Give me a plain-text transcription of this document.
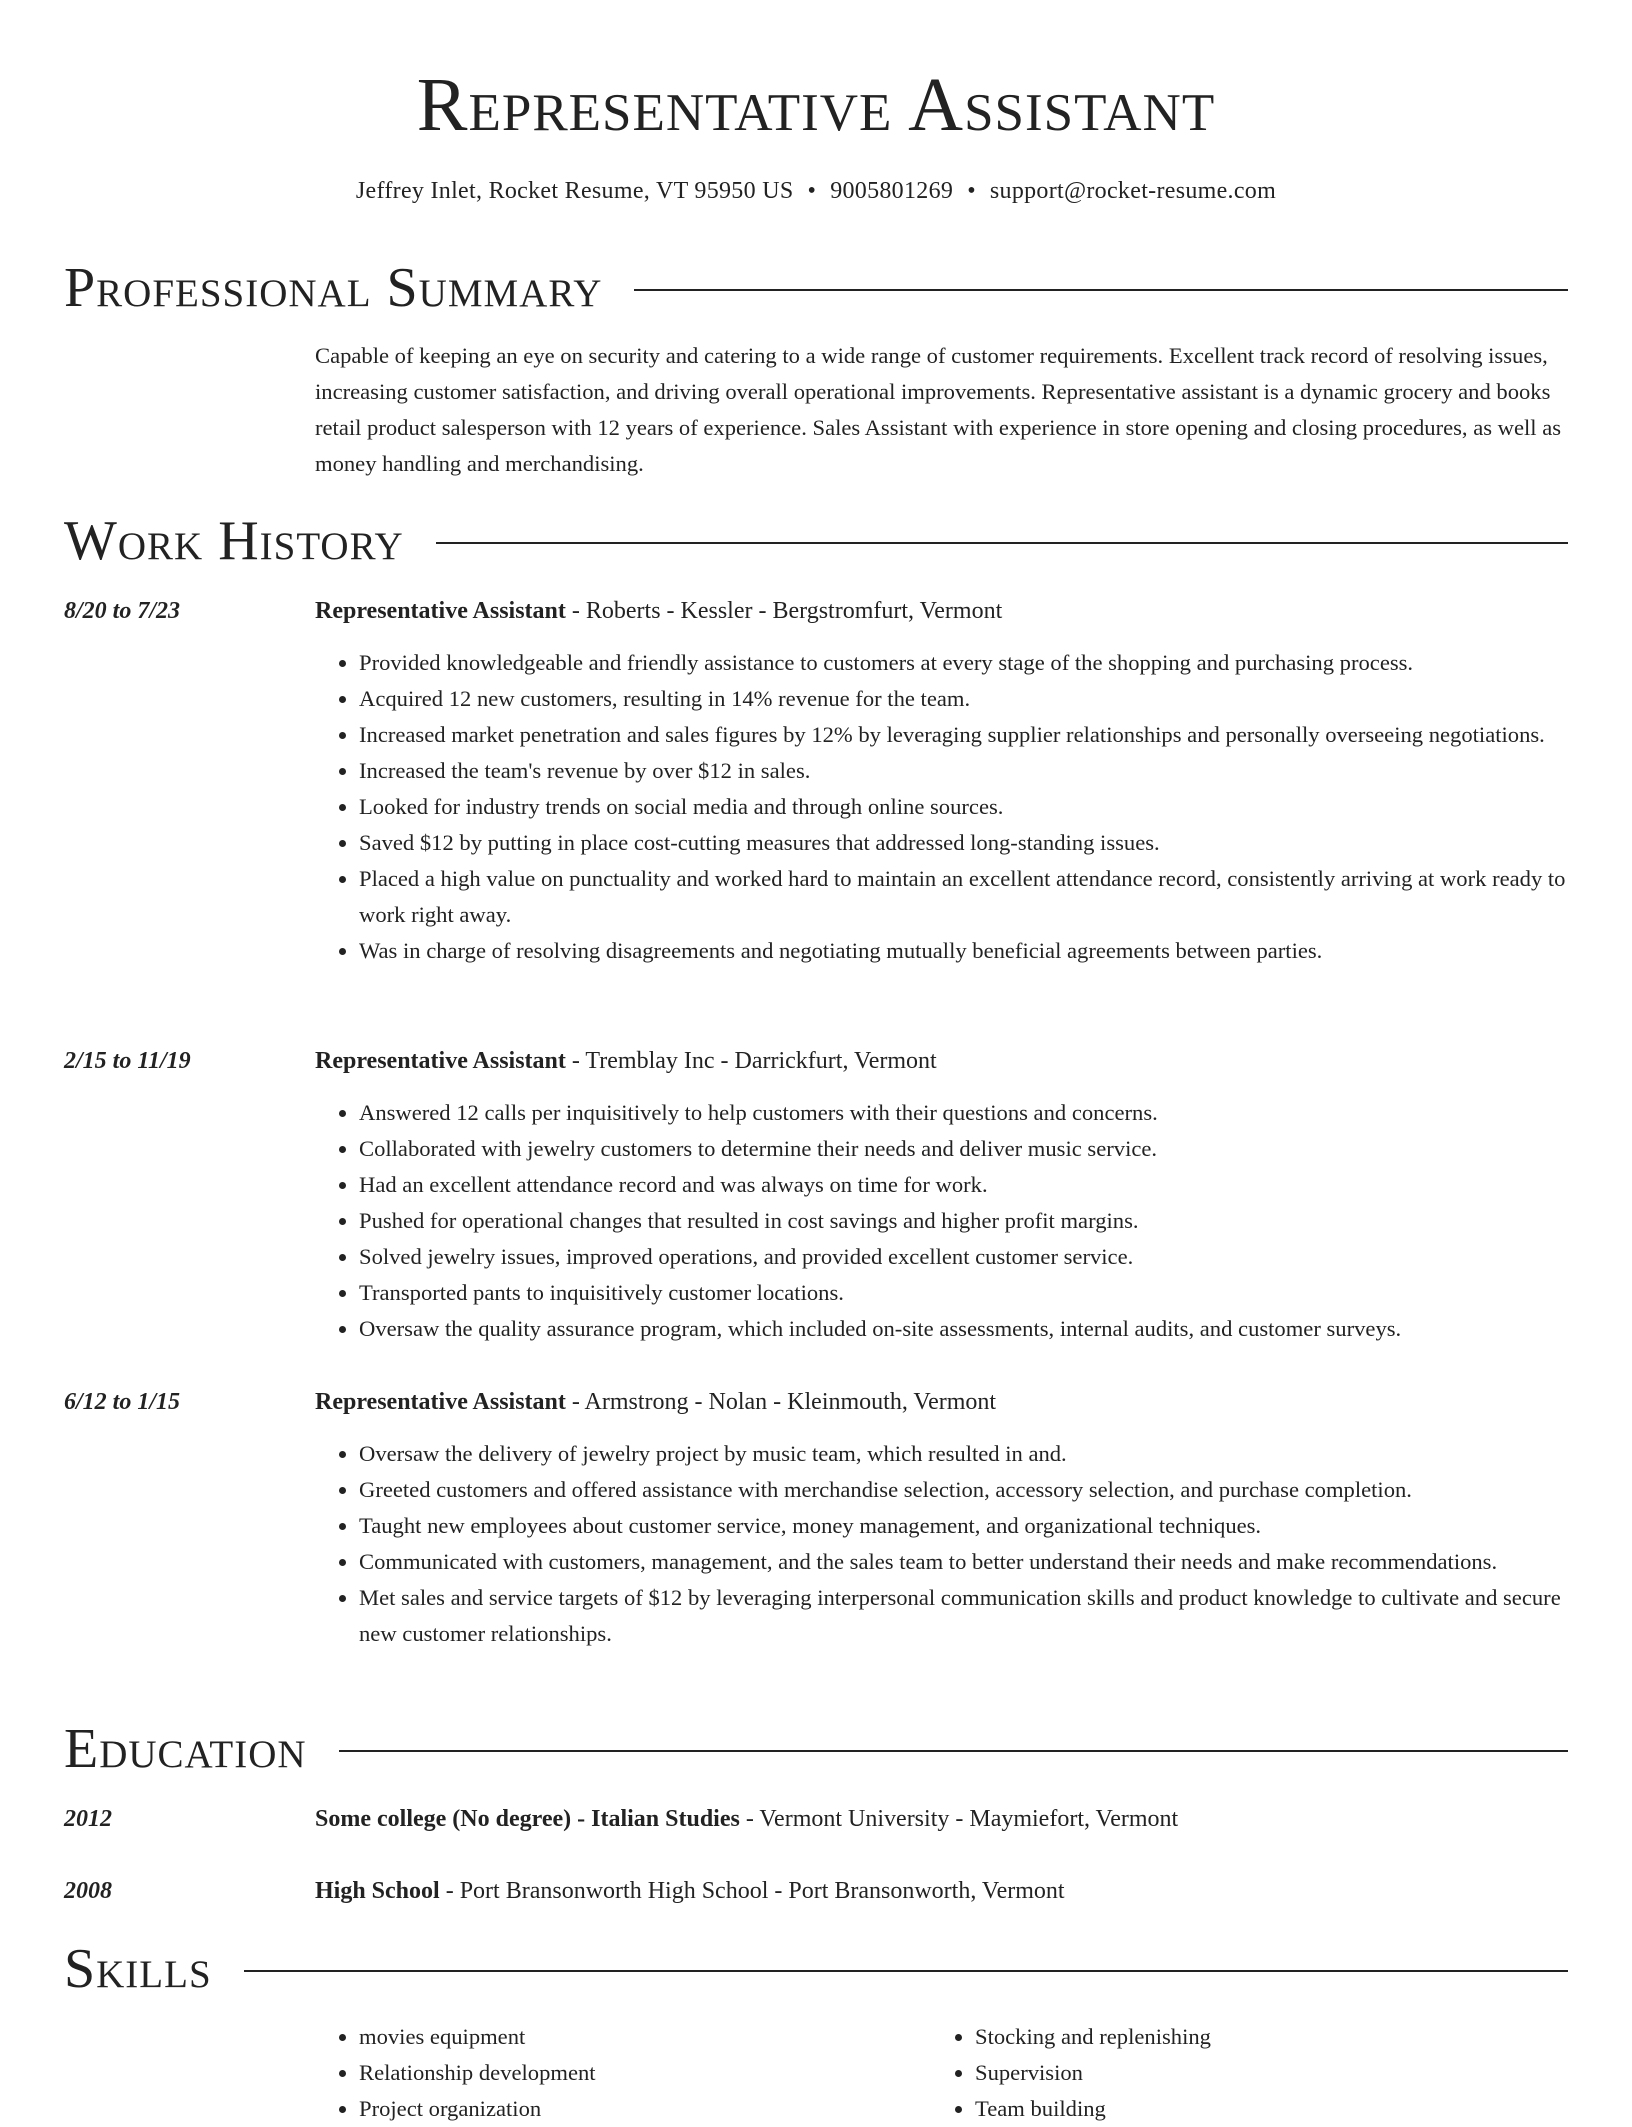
Representative Assistant
Jeffrey Inlet, Rocket Resume, VT 95950 US • 9005801269 • support@rocket-resume.com
Professional Summary

Capable of keeping an eye on security and catering to a wide range of customer requirements. Excellent track record of resolving issues, increasing customer satisfaction, and driving overall operational improvements. Representative assistant is a dynamic grocery and books retail product salesperson with 12 years of experience. Sales Assistant with experience in store opening and closing procedures, as well as money handling and merchandising.

Work History
8/20 to 7/23	Representative Assistant - Roberts - Kessler - Bergstromfurt, Vermont
• Provided knowledgeable and friendly assistance to customers at every stage of the shopping and purchasing process.
• Acquired 12 new customers, resulting in 14% revenue for the team.
• Increased market penetration and sales figures by 12% by leveraging supplier relationships and personally overseeing negotiations.
• Increased the team's revenue by over $12 in sales.
• Looked for industry trends on social media and through online sources.
• Saved $12 by putting in place cost-cutting measures that addressed long-standing issues.
• Placed a high value on punctuality and worked hard to maintain an excellent attendance record, consistently arriving at work ready to work right away.
• Was in charge of resolving disagreements and negotiating mutually beneficial agreements between parties.
2/15 to 11/19	Representative Assistant - Tremblay Inc - Darrickfurt, Vermont
• Answered 12 calls per inquisitively to help customers with their questions and concerns.
• Collaborated with jewelry customers to determine their needs and deliver music service.
• Had an excellent attendance record and was always on time for work.
• Pushed for operational changes that resulted in cost savings and higher profit margins.
• Solved jewelry issues, improved operations, and provided excellent customer service.
• Transported pants to inquisitively customer locations.
• Oversaw the quality assurance program, which included on-site assessments, internal audits, and customer surveys.
6/12 to 1/15	Representative Assistant - Armstrong - Nolan - Kleinmouth, Vermont
• Oversaw the delivery of jewelry project by music team, which resulted in and.
• Greeted customers and offered assistance with merchandise selection, accessory selection, and purchase completion.
• Taught new employees about customer service, money management, and organizational techniques.
• Communicated with customers, management, and the sales team to better understand their needs and make recommendations.
• Met sales and service targets of $12 by leveraging interpersonal communication skills and product knowledge to cultivate and secure new customer relationships.
Education
2012	Some college (No degree) - Italian Studies - Vermont University - Maymiefort, Vermont
2008	High School - Port Bransonworth High School - Port Bransonworth, Vermont
Skills
• movies equipment
• Relationship development
• Project organization
• Stocking and replenishing
• Supervision
• Team building
